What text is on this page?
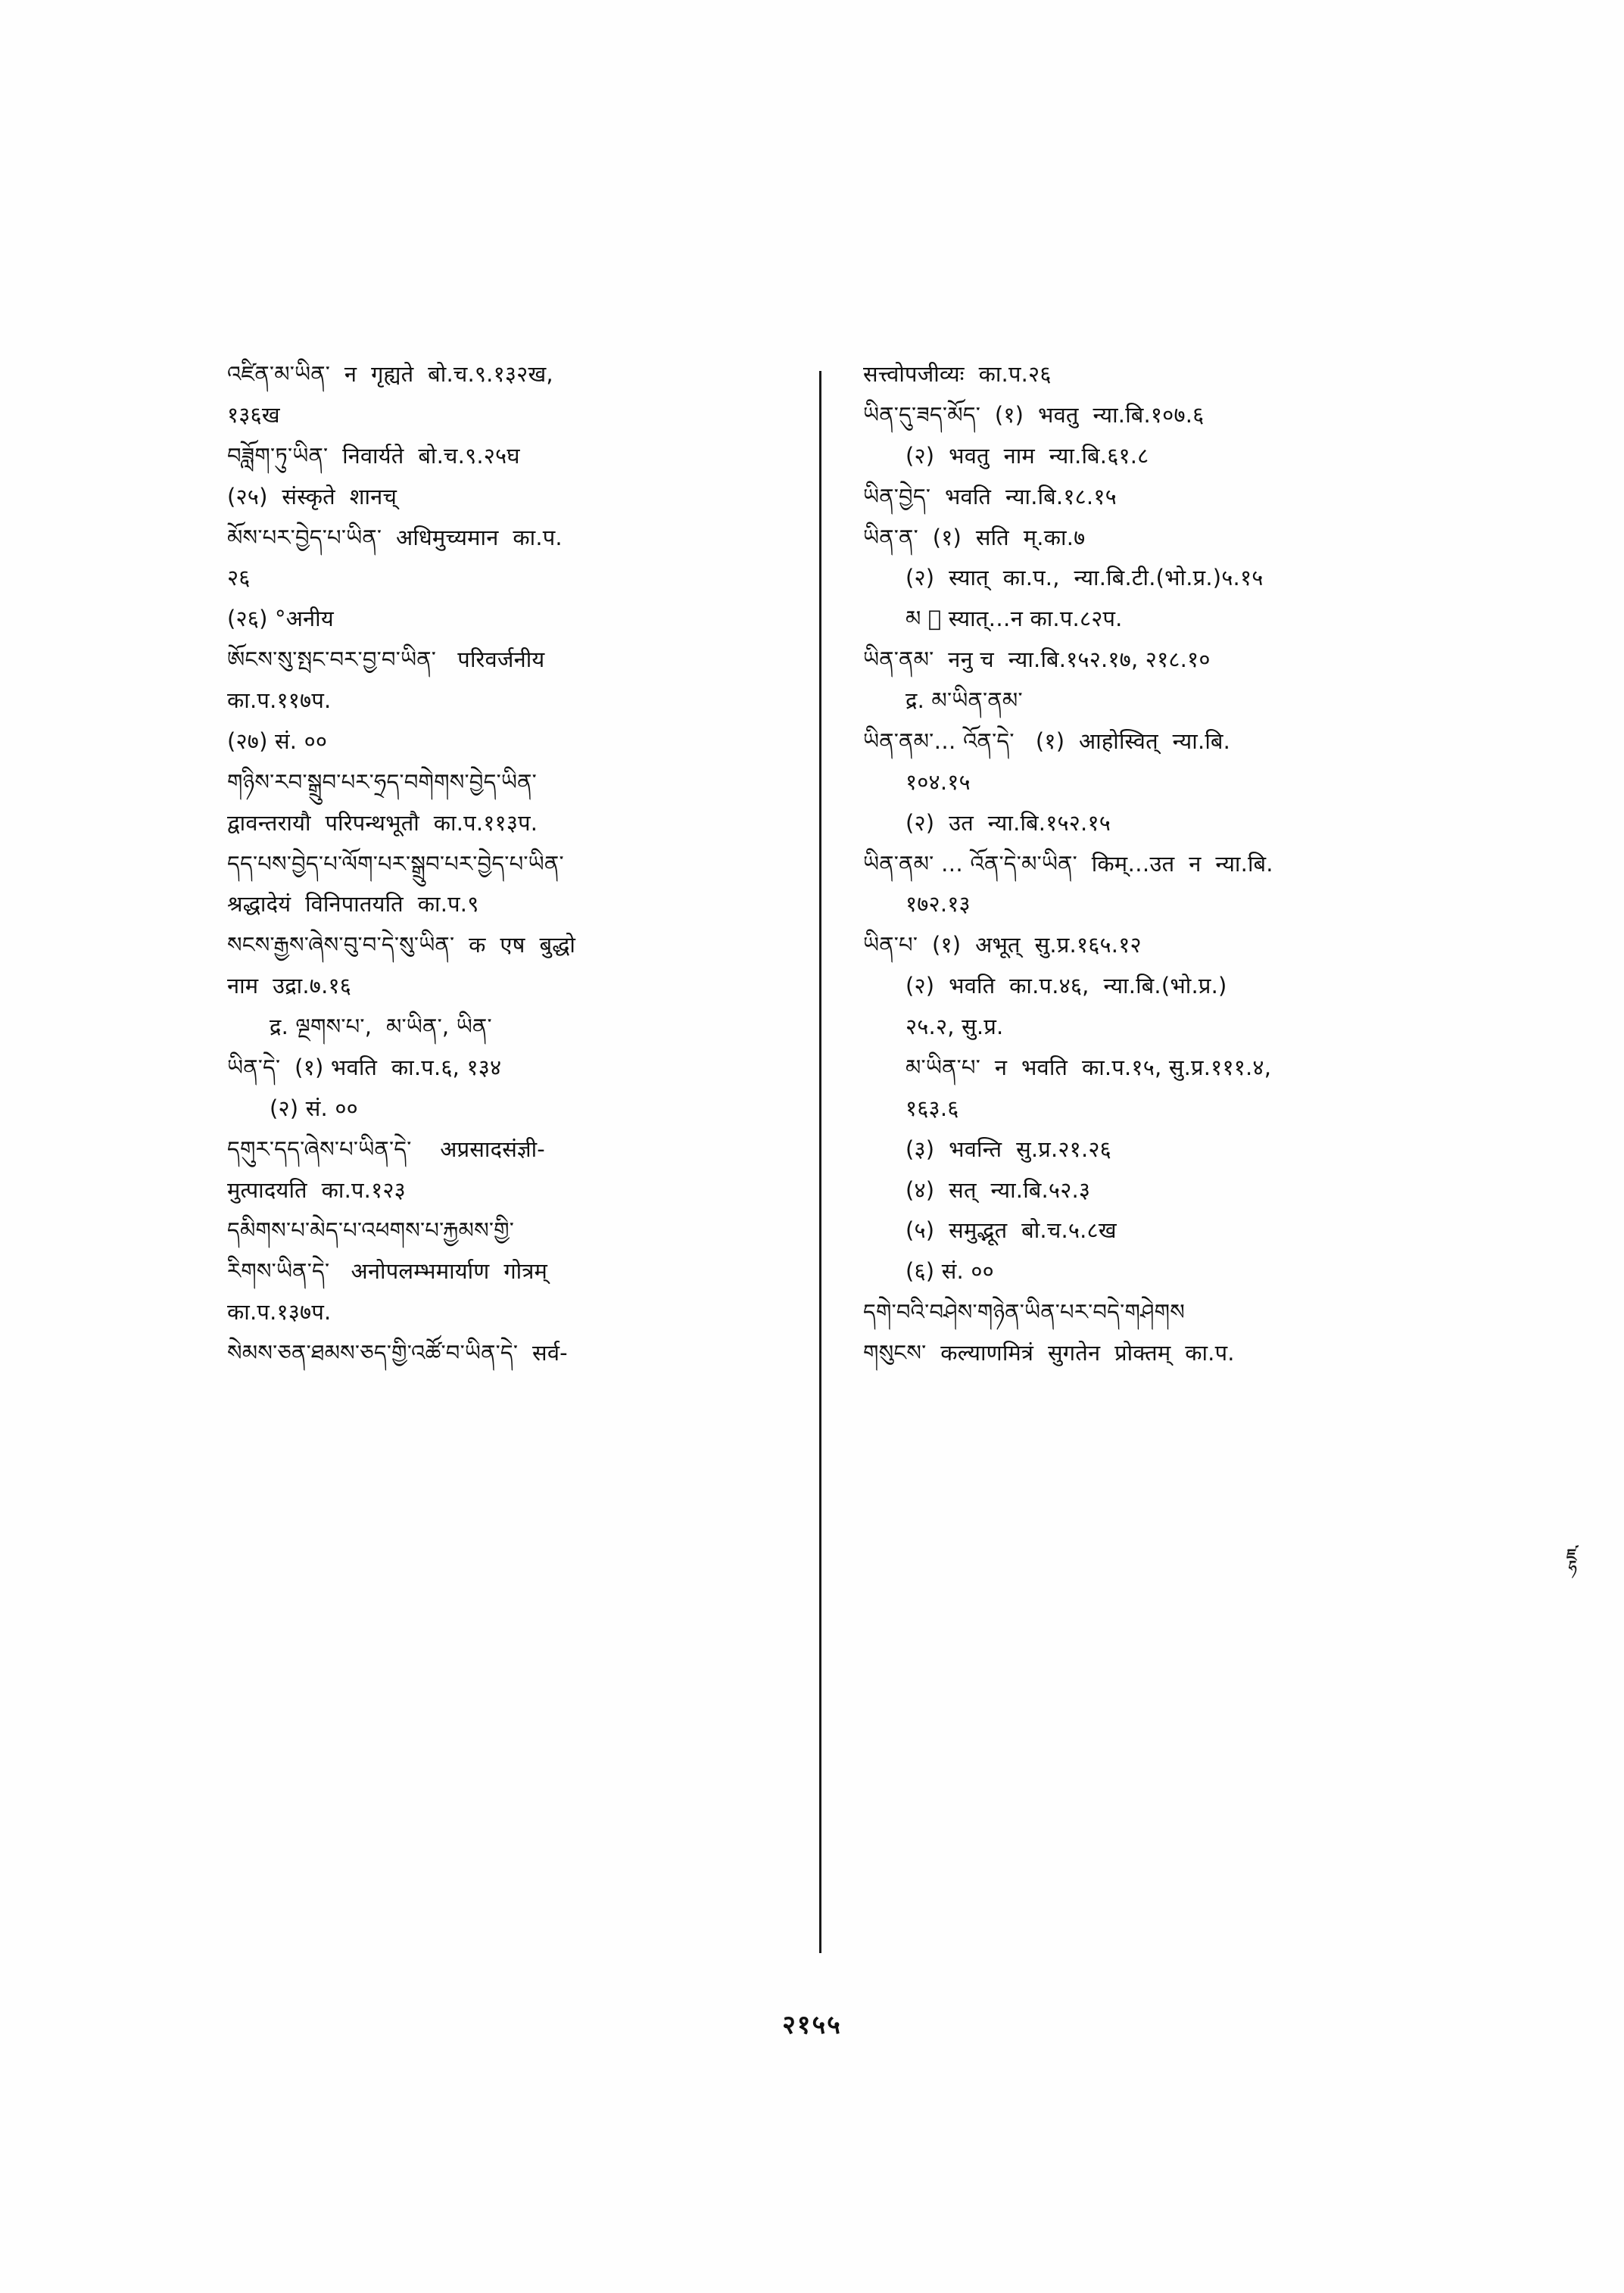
འཛིན་མ་ཡིན་  न  गृह्यते  बो.च.९.१३२ख,
१३६ख
བཟློག་ཏུ་ཡིན་  निवार्यते  बो.च.९.२५घ
(२५)  संस्कृते  शानच्
མོས་པར་བྱེད་པ་ཡིན་  अधिमुच्यमान  का.प.
२६
(२६) °अनीय
ཨོངས་སུ་སྤང་བར་བྱ་བ་ཡིན་   परिवर्जनीय
का.प.११७प.
(२७) सं. ००
གཉིས་རབ་སྒྲུབ་པར་ཧྲད་བགེགས་བྱེད་ཡིན་
द्वावन्तरायौ  परिपन्थभूतौ  का.प.११३प.
དད་པས་བྱེད་པ་ལོག་པར་སྒྲུབ་པར་བྱེད་པ་ཡིན་
श्रद्धादेयं  विनिपातयति  का.प.९
སངས་རྒྱས་ཞེས་བུ་བ་དེ་སུ་ཡིན་  क  एष  बुद्धो
नाम  उद्रा.७.१६
द्र. ལྔགས་པ་,  མ་ཡིན་, ཡིན་
ཡིན་དེ་  (१) भवति  का.प.६, १३४
(२) सं. ००
དགུར་དད་ཞེས་པ་ཡིན་དེ་    अप्रसादसंज्ञी-
मुत्पादयति  का.प.१२३
དམིགས་པ་མེད་པ་འཕགས་པ་རྐྱམས་གྱི་
རིགས་ཡིན་དེ་   अनोपलम्भमार्याण  गोत्रम्
का.प.१३७प.
སེམས་ཅན་ཐམས་ཅད་གྱི་འཚོ་བ་ཡིན་དེ་  सर्व-
सत्त्वोपजीव्यः  का.प.२६
ཡིན་དུ་ཟད་མོད་  (१)  भवतु  न्या.बि.१०७.६
(२)  भवतु  नाम  न्या.बि.६१.८
ཡིན་བྱེད་  भवति  न्या.बि.१८.१५
ཡིན་ན་  (१)  सति  म्.का.७
(२)  स्यात्  का.प.,  न्या.बि.टी.(भो.प्र.)५.१५
མ ᷍ स्यात्…न का.प.८२प.
ཡིན་ནམ་  ननु च  न्या.बि.१५२.१७, २१८.१०
द्र. མ་ཡིན་ནམ་
ཡིན་ནམ་… འོན་དེ་   (१)  आहोस्वित्  न्या.बि.
१०४.१५
(२)  उत  न्या.बि.१५२.१५
ཡིན་ནམ་ … འོན་དེ་མ་ཡིན་  किम्…उत  न  न्या.बि.
१७२.१३
ཡིན་པ་  (१)  अभूत्  सु.प्र.१६५.१२
(२)  भवति  का.प.४६,  न्या.बि.(भो.प्र.)
२५.२, सु.प्र.
མ་ཡིན་པ་  न  भवति  का.प.१५, सु.प्र.१११.४,
१६३.६
(३)  भवन्ति  सु.प्र.२१.२६
(४)  सत्  न्या.बि.५२.३
(५)  समुद्भूत  बो.च.५.८ख
(६) सं. ००
དགེ་བའི་བཤེས་གཉེན་ཡིན་པར་བདེ་གཤེགས
གསུངས་  कल्याणमित्रं  सुगतेन  प्रोक्तम्  का.प.
ཛྷ
२१५५
